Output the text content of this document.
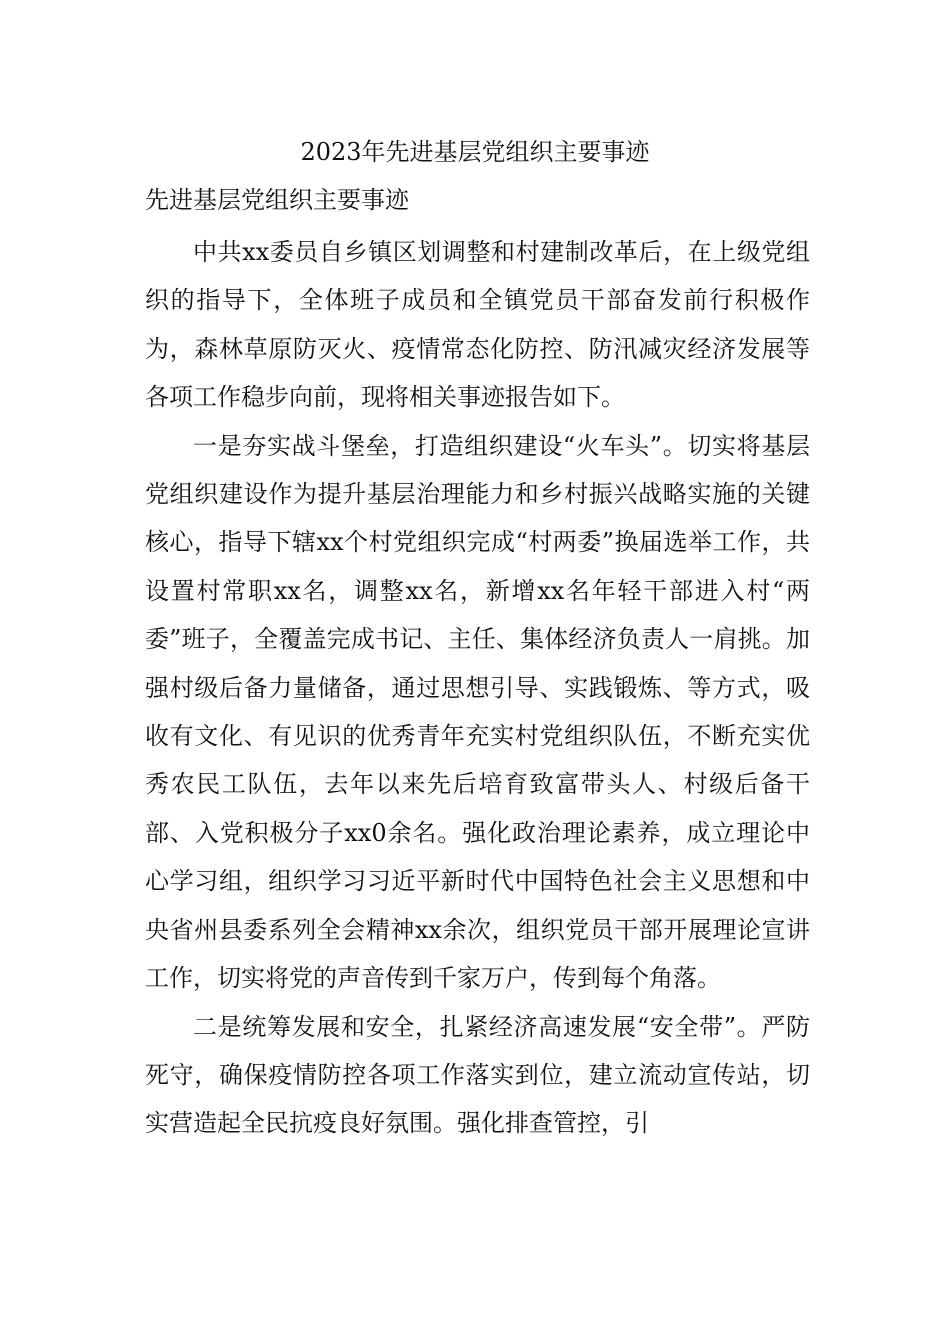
2023年先进基层党组织主要事迹
先进基层党组织主要事迹

中共xx委员自乡镇区划调整和村建制改革后，在上级党组织的指导下，全体班子成员和全镇党员干部奋发前行积极作为，森林草原防灭火、疫情常态化防控、防汛减灾经济发展等各项工作稳步向前，现将相关事迹报告如下。

一是夯实战斗堡垒，打造组织建设“火车头”。切实将基层党组织建设作为提升基层治理能力和乡村振兴战略实施的关键核心，指导下辖xx个村党组织完成“村两委”换届选举工作，共设置村常职xx名，调整xx名，新增xx名年轻干部进入村“两委”班子，全覆盖完成书记、主任、集体经济负责人一肩挑。加强村级后备力量储备，通过思想引导、实践锻炼、等方式，吸收有文化、有见识的优秀青年充实村党组织队伍，不断充实优秀农民工队伍，去年以来先后培育致富带头人、村级后备干部、入党积极分子xx0余名。强化政治理论素养，成立理论中心学习组，组织学习习近平新时代中国特色社会主义思想和中央省州县委系列全会精神xx余次，组织党员干部开展理论宣讲工作，切实将党的声音传到千家万户，传到每个角落。

二是统筹发展和安全，扎紧经济高速发展“安全带”。严防死守，确保疫情防控各项工作落实到位，建立流动宣传站，切实营造起全民抗疫良好氛围。强化排查管控，引
